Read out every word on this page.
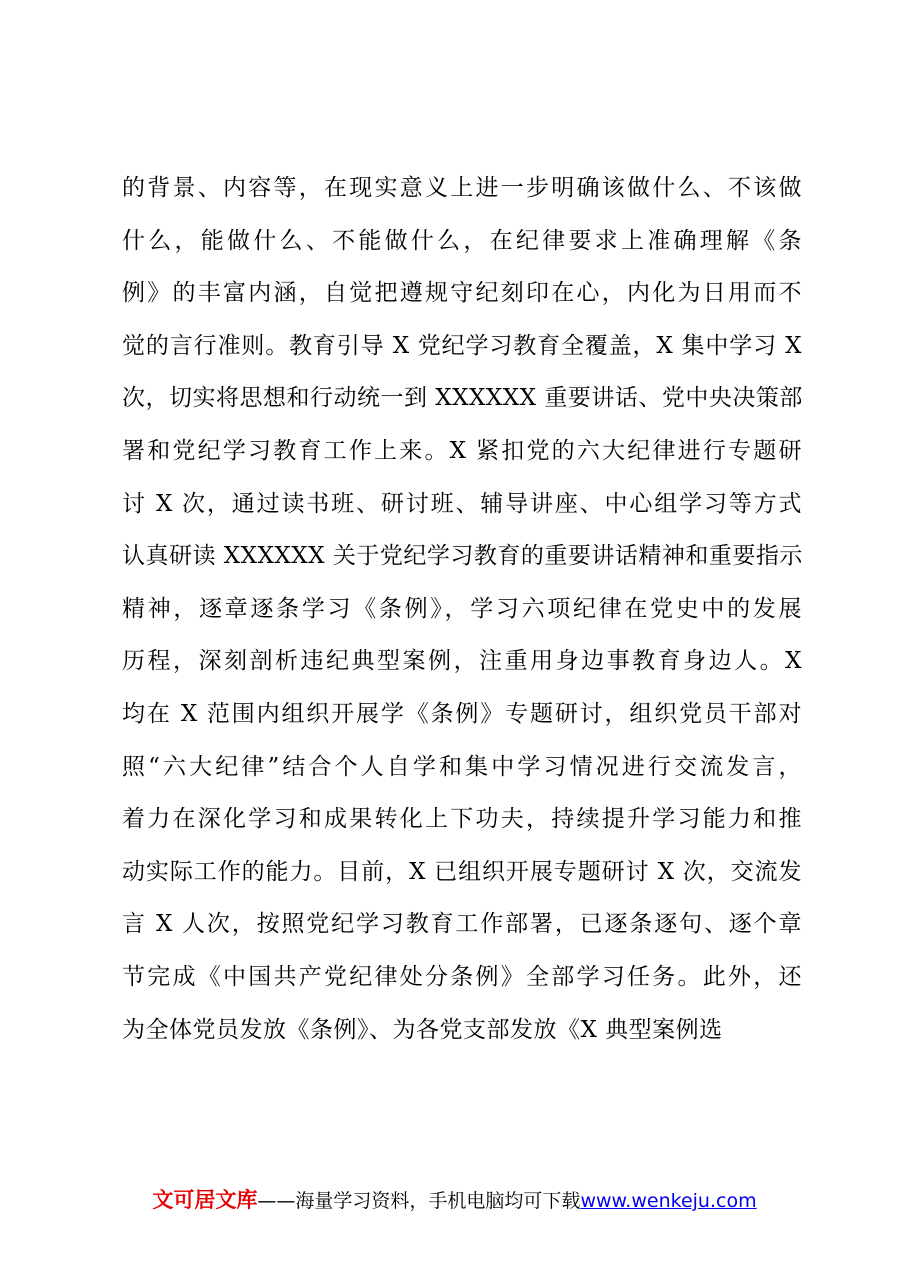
的背景、内容等，在现实意义上进一步明确该做什么、不该做
什么，能做什么、不能做什么，在纪律要求上准确理解《条
例》的丰富内涵，自觉把遵规守纪刻印在心，内化为日用而不
觉的言行准则。教育引导 X 党纪学习教育全覆盖，X 集中学习 X
次，切实将思想和行动统一到 XXXXXX 重要讲话、党中央决策部
署和党纪学习教育工作上来。X 紧扣党的六大纪律进行专题研
讨 X 次，通过读书班、研讨班、辅导讲座、中心组学习等方式
认真研读 XXXXXX 关于党纪学习教育的重要讲话精神和重要指示
精神，逐章逐条学习《条例》，学习六项纪律在党史中的发展
历程，深刻剖析违纪典型案例，注重用身边事教育身边人。X
均在 X 范围内组织开展学《条例》专题研讨，组织党员干部对
照“六大纪律”结合个人自学和集中学习情况进行交流发言，
着力在深化学习和成果转化上下功夫，持续提升学习能力和推
动实际工作的能力。目前，X 已组织开展专题研讨 X 次，交流发
言 X 人次，按照党纪学习教育工作部署，已逐条逐句、逐个章
节完成《中国共产党纪律处分条例》全部学习任务。此外，还
为全体党员发放《条例》、为各党支部发放《X 典型案例选
文可居文库——海量学习资料，手机电脑均可下载www.wenkeju.com
